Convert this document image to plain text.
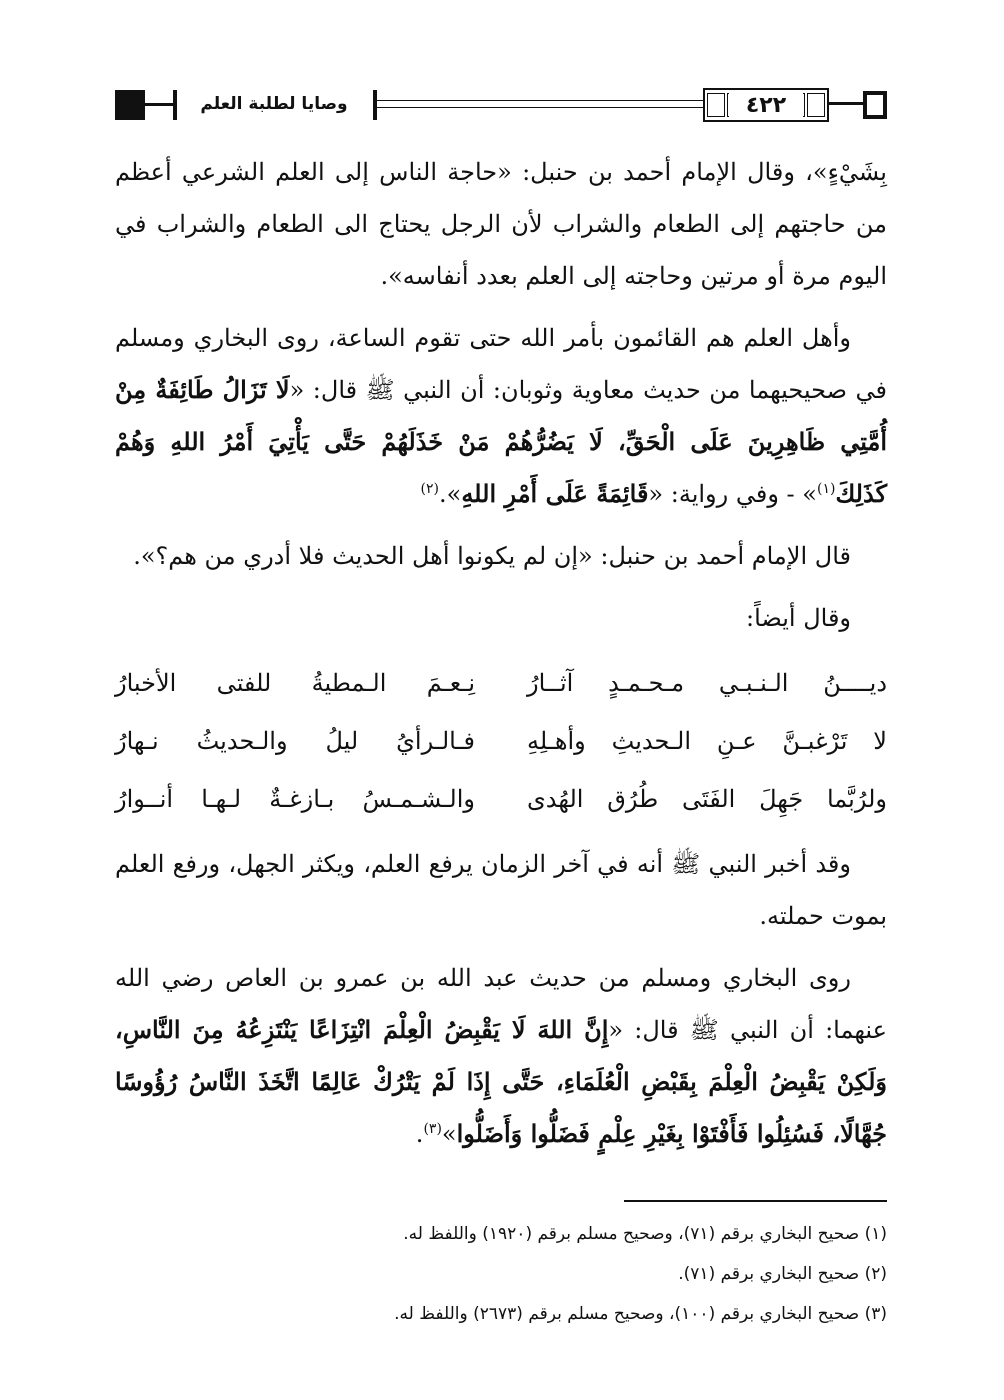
٤٢٢
وصايا لطلبة العلم

بِشَيْءٍ»، وقال الإمام أحمد بن حنبل: «حاجة الناس إلى العلم الشرعي أعظم من حاجتهم إلى الطعام والشراب لأن الرجل يحتاج الى الطعام والشراب في اليوم مرة أو مرتين وحاجته إلى العلم بعدد أنفاسه».

وأهل العلم هم القائمون بأمر الله حتى تقوم الساعة، روى البخاري ومسلم في صحيحيهما من حديث معاوية وثوبان: أن النبي ﷺ قال: «لَا تَزَالُ طَائِفَةٌ مِنْ أُمَّتِي ظَاهِرِينَ عَلَى الْحَقِّ، لَا يَضُرُّهُمْ مَنْ خَذَلَهُمْ حَتَّى يَأْتِيَ أَمْرُ اللهِ وَهُمْ كَذَلِكَ$^{(١)}$» - وفي رواية: «قَائِمَةً عَلَى أَمْرِ اللهِ».$^{(٢)}$

قال الإمام أحمد بن حنبل: «إن لم يكونوا أهل الحديث فلا أدري من هم؟».

وقال أيضاً:

ديــــنُ الـنـبـي مـحـمـدٍ آثــارُ
نِـعـمَ الـمطيةُ للفتى الأخبارُ
لا تَرْغبـنَّ عـنِ الـحديثِ وأهـلِهِ
فـالـرأيُ ليلُ والـحديثُ نـهارُ
ولرُبَّما جَهِلَ الفَتَى طُرُق الهُدى
والـشـمـسُ بـازغـةٌ لـهـا أنــوارُ

وقد أخبر النبي ﷺ أنه في آخر الزمان يرفع العلم، ويكثر الجهل، ورفع العلم بموت حملته.

روى البخاري ومسلم من حديث عبد الله بن عمرو بن العاص رضي الله عنهما: أن النبي ﷺ قال: «إِنَّ اللهَ لَا يَقْبِضُ الْعِلْمَ انْتِزَاعًا يَنْتَزِعُهُ مِنَ النَّاسِ، وَلَكِنْ يَقْبِضُ الْعِلْمَ بِقَبْضِ الْعُلَمَاءِ، حَتَّى إِذَا لَمْ يَتْرُكْ عَالِمًا اتَّخَذَ النَّاسُ رُؤُوسًا جُهَّالًا، فَسُئِلُوا فَأَفْتَوْا بِغَيْرِ عِلْمٍ فَضَلُّوا وَأَضَلُّوا»$^{(٣)}$.

(١) صحيح البخاري برقم (٧١)، وصحيح مسلم برقم (١٩٢٠) واللفظ له.
(٢) صحيح البخاري برقم (٧١).
(٣) صحيح البخاري برقم (١٠٠)، وصحيح مسلم برقم (٢٦٧٣) واللفظ له.
